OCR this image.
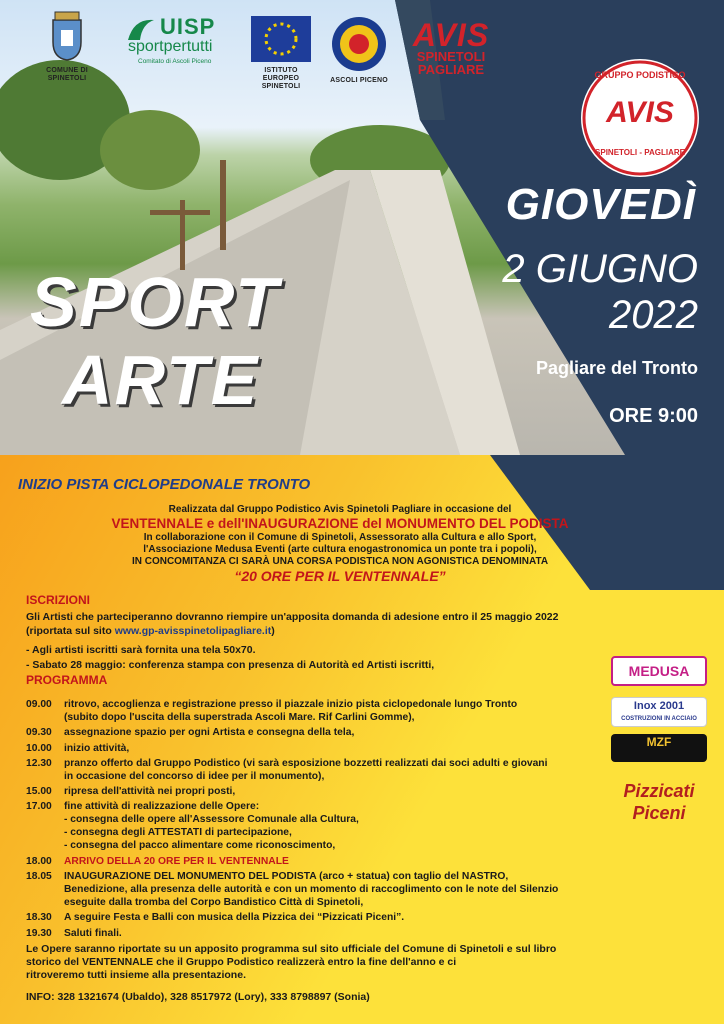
COMUNE DI SPINETOLI
UISP
sportpertutti
Comitato di Ascoli Piceno
ISTITUTO EUROPEO SPINETOLI
ASCOLI PICENO
AVIS
SPINETOLI PAGLIARE	GRUPPO PODISTICO
AVIS
SPINETOLI - PAGLIARE
SPORT
ARTE
GIOVEDÌ
2 GIUGNO
2022
Pagliare del Tronto
ORE 9:00
INIZIO PISTA CICLOPEDONALE TRONTO
Realizzata dal Gruppo Podistico Avis Spinetoli Pagliare in occasione del
VENTENNALE e dell'INAUGURAZIONE del MONUMENTO DEL PODISTA
In collaborazione con il Comune di Spinetoli, Assessorato alla Cultura e allo Sport,
l'Associazione Medusa Eventi (arte cultura enogastronomica un ponte tra i popoli),
IN CONCOMITANZA CI SARÀ UNA CORSA PODISTICA NON AGONISTICA DENOMINATA
“20 ORE PER IL VENTENNALE”
ISCRIZIONI
Gli Artisti che parteciperanno dovranno riempire un'apposita domanda di adesione entro il 25 maggio 2022
(riportata sul sito www.gp-avisspinetolipagliare.it)
- Agli artisti iscritti sarà fornita una tela 50x70.
- Sabato 28 maggio: conferenza stampa con presenza di Autorità ed Artisti iscritti,
PROGRAMMA
09.00	ritrovo, accoglienza e registrazione presso il piazzale inizio pista ciclopedonale lungo Tronto
(subito dopo l'uscita della superstrada Ascoli Mare. Rif Carlini Gomme),
09.30	assegnazione spazio per ogni Artista e consegna della tela,
10.00	inizio attività,
12.30	pranzo offerto dal Gruppo Podistico (vi sarà esposizione bozzetti realizzati dai soci adulti e giovani
in occasione del concorso di idee per il monumento),
15.00	ripresa dell'attività nei propri posti,
17.00	fine attività di realizzazione delle Opere:
- consegna delle opere all'Assessore Comunale alla Cultura,
- consegna degli ATTESTATI di partecipazione,
- consegna del pacco alimentare come riconoscimento,
18.00	ARRIVO DELLA 20 ORE PER IL VENTENNALE
18.05	INAUGURAZIONE DEL MONUMENTO DEL PODISTA (arco + statua) con taglio del NASTRO,
Benedizione, alla presenza delle autorità e con un momento di raccoglimento con le note del Silenzio
eseguite dalla tromba del Corpo Bandistico Città di Spinetoli,
18.30	A seguire Festa e Balli con musica della Pizzica dei “Pizzicati Piceni”.
19.30	Saluti finali.
Le Opere saranno riportate su un apposito programma sul sito ufficiale del Comune di Spinetoli e sul libro
storico del VENTENNALE che il Gruppo Podistico realizzerà entro la fine dell'anno e ci
ritroveremo tutti insieme alla presentazione.
INFO: 328 1321674 (Ubaldo), 328 8517972 (Lory), 333 8798897 (Sonia)
MEDUSA
Inox 2001
COSTRUZIONI IN ACCIAIO
MZF
Pizzicati Piceni
